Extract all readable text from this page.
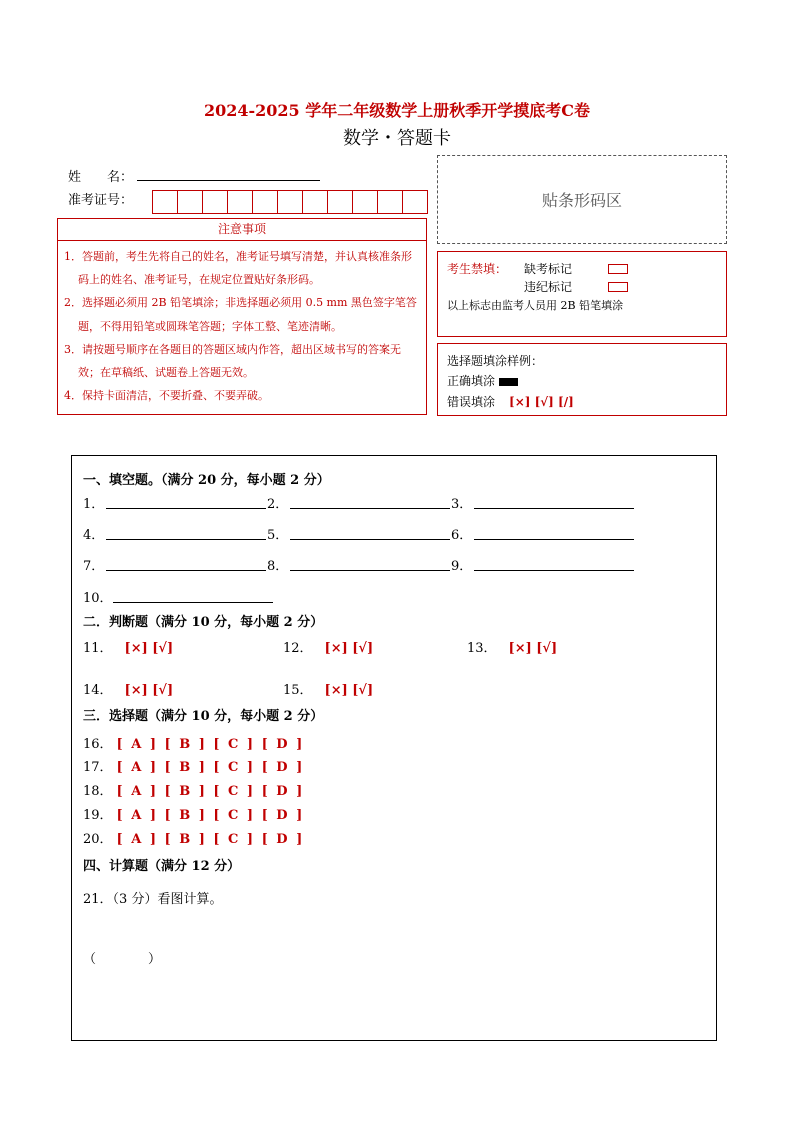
2024-2025 学年二年级数学上册秋季开学摸底考C卷
数学・答题卡
姓　　名：
准考证号：	贴条形码区
注意事项
1．答题前，考生先将自己的姓名，准考证号填写清楚，并认真核准条形码上的姓名、准考证号，在规定位置贴好条形码。
2．选择题必须用 2B 铅笔填涂；非选择题必须用 0.5 mm 黑色签字笔答题，不得用铅笔或圆珠笔答题；字体工整、笔迹清晰。
3．请按题号顺序在各题目的答题区域内作答，超出区域书写的答案无效；在草稿纸、试题卷上答题无效。
4．保持卡面清洁，不要折叠、不要弄破。
考生禁填： 缺考标记
违纪标记
以上标志由监考人员用 2B 铅笔填涂
选择题填涂样例：
正确填涂
错误填涂 [×] [√] [/]
一、填空题。（满分 20 分，每小题 2 分）
1．	2．	3．
4．	5．	6．
7．	8．	9．
10．
二．判断题（满分 10 分，每小题 2 分）
11． [×] [√]	12． [×] [√]	13． [×] [√]
14． [×] [√]	15． [×] [√]
三．选择题（满分 10 分，每小题 2 分）
16． [ A ] [ B ] [ C ] [ D ]
17． [ A ] [ B ] [ C ] [ D ]
18． [ A ] [ B ] [ C ] [ D ]
19． [ A ] [ B ] [ C ] [ D ]
20． [ A ] [ B ] [ C ] [ D ]
四、计算题（满分 12 分）
21．（3 分）看图计算。
（　　　　）
